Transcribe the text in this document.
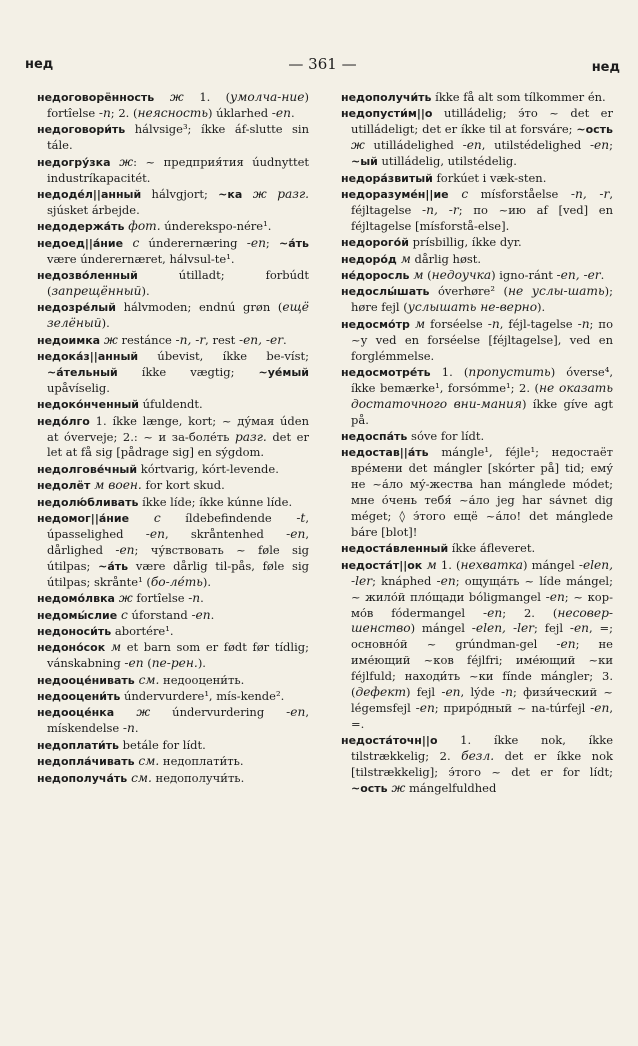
нед	— 361 —	нед
недоговорённость ж 1. (умолча-ние) fortîelse -n; 2. (неясность) úklarhed -en.
недоговори́ть hálvsige³; íkke áf-slutte sin tále.
недогру́зка ж: ~ предприя́тия úudnyttet industríkapacitét.
недоде́л||анный hálvgjort; ~ка ж разг. sjúsket árbejde.
недодержа́ть фот. únderekspo-nére¹.
недоед||а́ние с únderernæring -en; ~а́ть være únderernæret, hálvsul-te¹.
недозво́ленный útilladt; forbúdt (запрещённый).
недозре́лый hálvmoden; endnú grøn (ещё зелёный).
недоимка ж restánce -n, -r, rest -en, -er.
недока́з||анный úbevist, íkke be-víst; ~а́тельный íkke vægtig; ~уе́мый upåvíselig.
недоко́нченный úfuldendt.
недо́лго 1. íkke længe, kort; ~ ду́мая úden at óverveje; 2.: ~ и за-боле́ть разг. det er let at få sig [pådrage sig] en sýgdom.
недолгове́чный kórtvarig, kórt-levende.
недолёт м воен. for kort skud.
недолю́бливать íkke líde; íkke kúnne líde.
недомог||а́ние с íldebefindende -t, úpasselighed -en, skråntenhed -en, dårlighed -en; чу́вствовать ~ føle sig útilpas; ~а́ть være dårlig til-pås, føle sig útilpas; skrånte¹ (бо-ле́ть).
недомо́лвка ж fortîelse -n.
недомы́слие с úforstand -en.
недоноси́ть abortére¹.
недоно́сок м et barn som er født før tídlig; vánskabning -en (пе-рен.).
недооце́нивать см. недооцени́ть.
недооцени́ть úndervurdere¹, mís-kende².
недооце́нка ж úndervurdering -en, mískendelse -n.
недоплати́ть betále for lídt.
недопла́чивать см. недоплати́ть.
недополуча́ть см. недополучи́ть.
недополучи́ть íkke få alt som tílkommer én.
недопусти́м||о utilládelig; э́то ~ det er utilládeligt; det er íkke til at forsváre; ~ость ж utilládelighed -en, utilstédelighed -en; ~ый utilládelig, utilstédelig.
недора́звитый forkúet i væk-sten.
недоразуме́н||ие с mísforståelse -n, -r, féjltagelse -n, -r; по ~ию af [ved] en féjltagelse [mísforstå-else].
недорого́й prísbillig, íkke dyr.
недоро́д м dårlig høst.
не́доросль м (недоучка) igno-ránt -en, -er.
недослы́шать óverhøre² (не услы-шать); høre fejl (услышать не-верно).
недосмо́тр м forséelse -n, féjl-tagelse -n; по ~у ved en forséelse [féjltagelse], ved en forglémmelse.
недосмотре́ть 1. (пропустить) óverse⁴, íkke bemærke¹, forsómme¹; 2. (не оказать достаточного вни-мания) íkke gíve agt på.
недоспа́ть sóve for lídt.
недостав||а́ть mángle¹, féjle¹; недостаёт вре́мени det mángler [skórter på] tid; ему́ не ~а́ло му́-жества han mánglede módet; мне о́чень тебя́ ~а́ло jeg har sávnet dig méget; ◊ э́того ещё ~а́ло! det mánglede báre [blot]!
недоста́вленный íkke áfleveret.
недоста́т||ок м 1. (нехватка) mángel -elen, -ler; knáphed -en; ощуща́ть ~ líde mángel; ~ жило́й пло́щади bóligmangel -en; ~ кор-мо́в fódermangel -en; 2. (несовер-шенство) mángel -elen, -ler; fejl -en, =; основно́й ~ grúndman-gel -en; не име́ющий ~ков féjlfri; име́ющий ~ки féjlfuld; находи́ть ~ки fínde mángler; 3. (дефект) fejl -en, lýde -n; физи́ческий ~ légemsfejl -en; приро́дный ~ na-túrfejl -en, =.
недоста́точн||о 1. íkke nok, íkke tilstrækkelig; 2. безл. det er íkke nok [tilstrækkelig]; э́того ~ det er for lídt; ~ость ж mángelfuldhed
